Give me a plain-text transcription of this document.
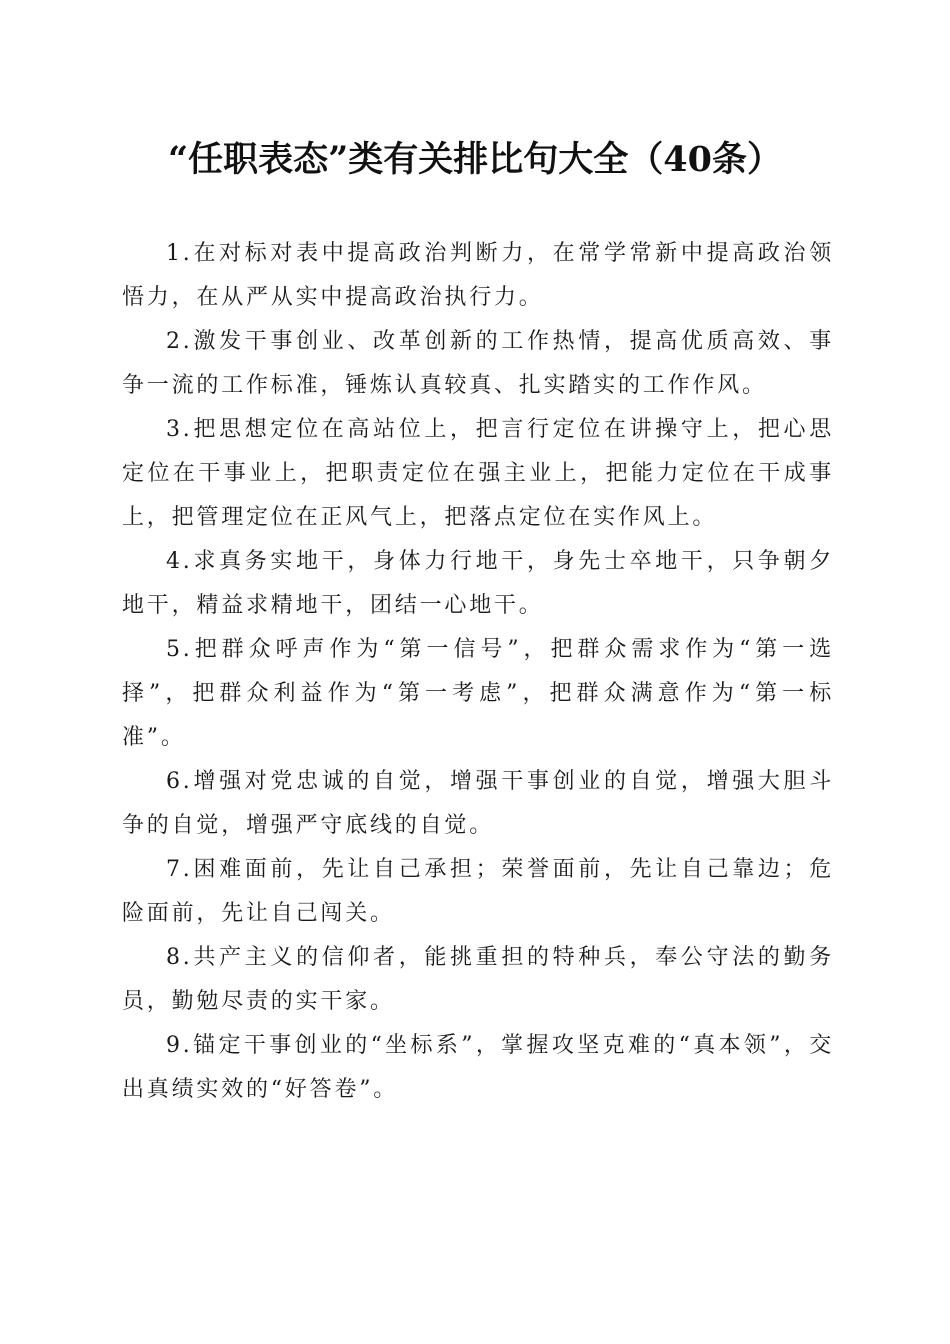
“任职表态”类有关排比句大全（40条）

1.在对标对表中提高政治判断力，在常学常新中提高政治领悟力，在从严从实中提高政治执行力。

2.激发干事创业、改革创新的工作热情，提高优质高效、事争一流的工作标准，锤炼认真较真、扎实踏实的工作作风。

3.把思想定位在高站位上，把言行定位在讲操守上，把心思定位在干事业上，把职责定位在强主业上，把能力定位在干成事上，把管理定位在正风气上，把落点定位在实作风上。

4.求真务实地干，身体力行地干，身先士卒地干，只争朝夕地干，精益求精地干，团结一心地干。

5.把群众呼声作为“第一信号”，把群众需求作为“第一选择”，把群众利益作为“第一考虑”，把群众满意作为“第一标准”。

6.增强对党忠诚的自觉，增强干事创业的自觉，增强大胆斗争的自觉，增强严守底线的自觉。

7.困难面前，先让自己承担；荣誉面前，先让自己靠边；危险面前，先让自己闯关。

8.共产主义的信仰者，能挑重担的特种兵，奉公守法的勤务员，勤勉尽责的实干家。

9.锚定干事创业的“坐标系”，掌握攻坚克难的“真本领”，交出真绩实效的“好答卷”。
